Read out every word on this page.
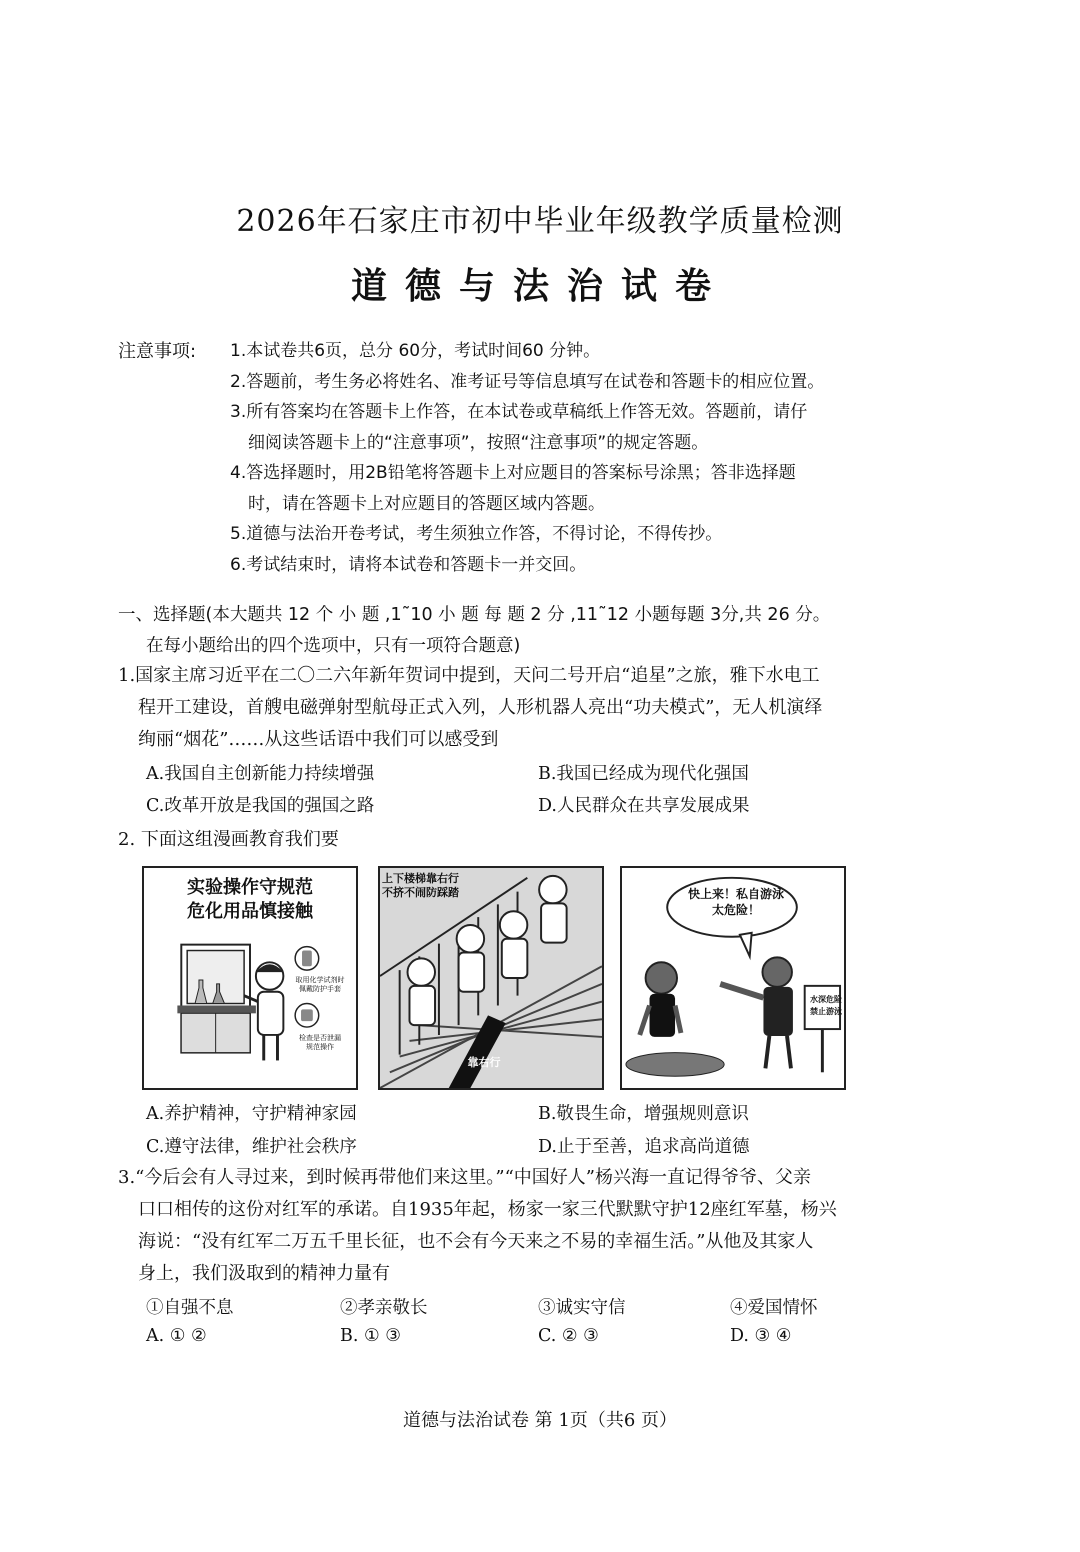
2026年石家庄市初中毕业年级教学质量检测
道德与法治试卷
注意事项: 1.本试卷共6页，总分 60分，考试时间60 分钟。
2.答题前，考生务必将姓名、准考证号等信息填写在试卷和答题卡的相应位置。
3.所有答案均在答题卡上作答，在本试卷或草稿纸上作答无效。答题前，请仔
细阅读答题卡上的“注意事项”，按照“注意事项”的规定答题。
4.答选择题时，用2B铅笔将答题卡上对应题目的答案标号涂黑；答非选择题
时，请在答题卡上对应题目的答题区域内答题。
5.道德与法治开卷考试，考生须独立作答，不得讨论，不得传抄。
6.考试结束时，请将本试卷和答题卡一并交回。
一、选择题(本大题共 12 个 小 题 ,1˜10 小 题 每 题 2 分 ,11˜12 小题每题 3分,共 26 分。
在每小题给出的四个选项中，只有一项符合题意)
1.国家主席习近平在二〇二六年新年贺词中提到，天问二号开启“追星”之旅，雅下水电工
程开工建设，首艘电磁弹射型航母正式入列，人形机器人亮出“功夫模式”，无人机演绎
绚丽“烟花”……从这些话语中我们可以感受到
A.我国自主创新能力持续增强	B.我国已经成为现代化强国
C.改革开放是我国的强国之路	D.人民群众在共享发展成果
2. 下面这组漫画教育我们要
实验操作守规范
危化用品慎接触
取用化学试剂时
佩戴防护手套
检查是否泄漏
规范操作
上下楼梯靠右行
不挤不闹防踩踏
靠右行
快上来！私自游泳
太危险！
水深危险
禁止游泳
A.养护精神，守护精神家园	B.敬畏生命，增强规则意识
C.遵守法律，维护社会秩序	D.止于至善，追求高尚道德
3.“今后会有人寻过来，到时候再带他们来这里。”“中国好人”杨兴海一直记得爷爷、父亲
口口相传的这份对红军的承诺。自1935年起，杨家一家三代默默守护12座红军墓，杨兴
海说：“没有红军二万五千里长征，也不会有今天来之不易的幸福生活。”从他及其家人
身上，我们汲取到的精神力量有
①自强不息	②孝亲敬长	③诚实守信	④爱国情怀
A. ① ②	B. ① ③	C. ② ③	D. ③ ④
道德与法治试卷 第 1页（共6 页）
